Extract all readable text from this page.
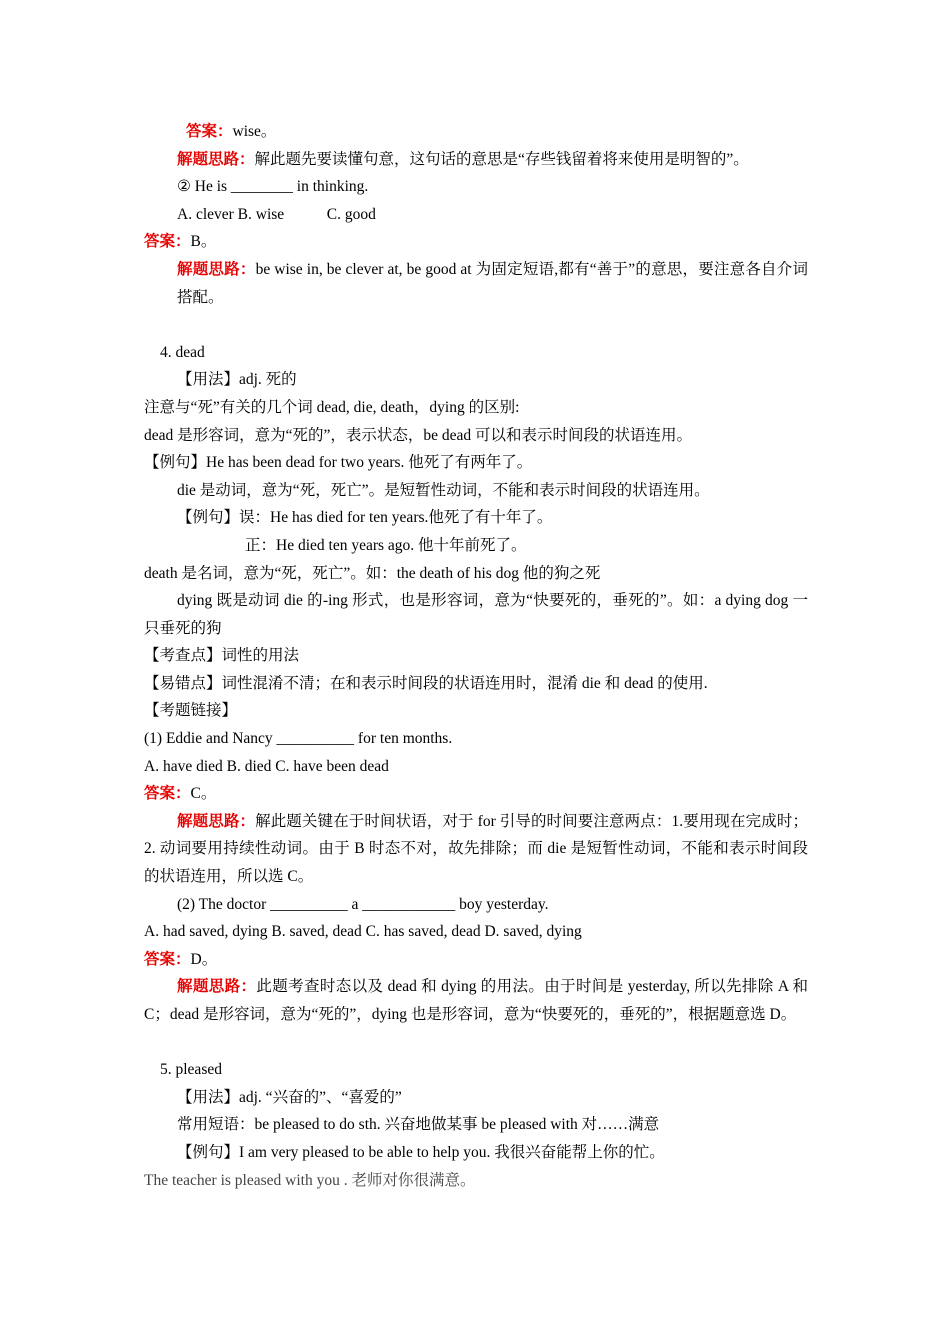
答案：wise。
解题思路：解此题先要读懂句意，这句话的意思是“存些钱留着将来使用是明智的”。
② He is ________ in thinking.
A. clever B. wise           C. good
答案：B。
解题思路：be wise in, be clever at, be good at 为固定短语,都有“善于”的意思，要注意各自介词搭配。
4. dead
【用法】adj. 死的
注意与“死”有关的几个词 dead, die, death，dying 的区别:
dead 是形容词，意为“死的”，表示状态，be dead 可以和表示时间段的状语连用。
【例句】He has been dead for two years. 他死了有两年了。
die 是动词，意为“死，死亡”。是短暂性动词，不能和表示时间段的状语连用。
【例句】误：He has died for ten years.他死了有十年了。
正：He died ten years ago. 他十年前死了。
death 是名词，意为“死，死亡”。如：the death of his dog 他的狗之死
dying 既是动词 die 的-ing 形式，也是形容词，意为“快要死的，垂死的”。如：a dying dog 一只垂死的狗
【考查点】词性的用法
【易错点】词性混淆不清；在和表示时间段的状语连用时，混淆 die 和 dead 的使用.
【考题链接】
(1) Eddie and Nancy __________ for ten months.
A. have died B. died C. have been dead
答案：C。
解题思路：解此题关键在于时间状语，对于 for 引导的时间要注意两点：1.要用现在完成时；2. 动词要用持续性动词。由于 B 时态不对，故先排除；而 die 是短暂性动词，不能和表示时间段的状语连用，所以选 C。
(2) The doctor __________ a ____________ boy yesterday.
A. had saved, dying B. saved, dead C. has saved, dead D. saved, dying
答案：D。
解题思路：此题考查时态以及 dead 和 dying 的用法。由于时间是 yesterday, 所以先排除 A 和 C；dead 是形容词，意为“死的”，dying 也是形容词，意为“快要死的，垂死的”，根据题意选 D。
5. pleased
【用法】adj. “兴奋的”、“喜爱的”
常用短语：be pleased to do sth. 兴奋地做某事 be pleased with 对……满意
【例句】I am very pleased to be able to help you. 我很兴奋能帮上你的忙。
The teacher is pleased with you . 老师对你很满意。
